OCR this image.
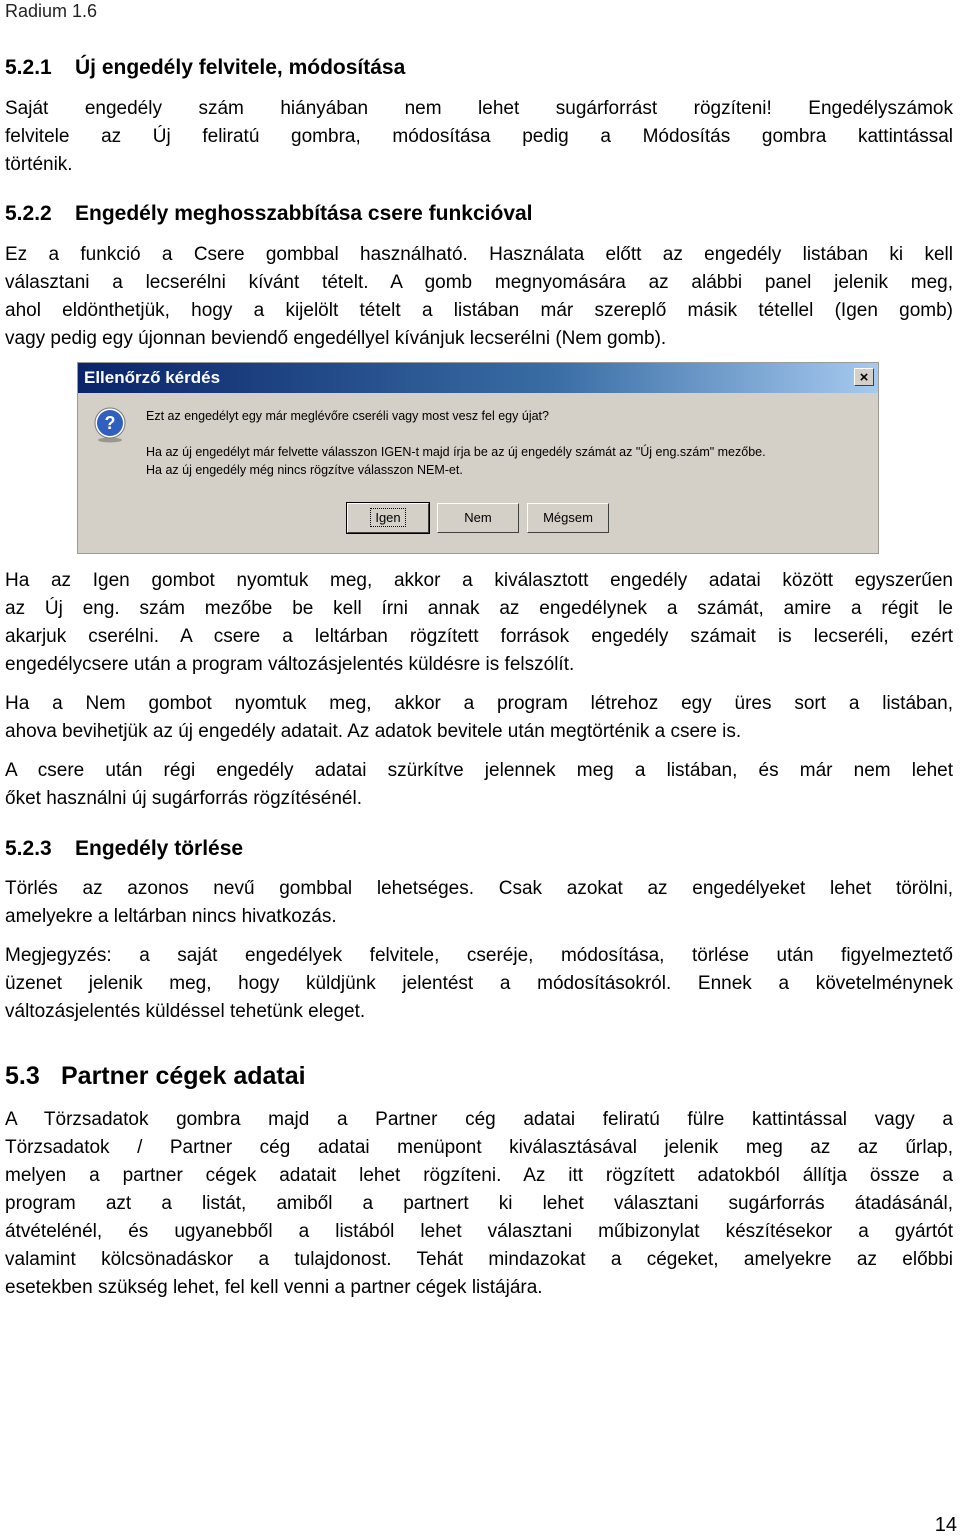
Radium 1.6
5.2.1 Új engedély felvitele, módosítása
Saját engedély szám hiányában nem lehet sugárforrást rögzíteni! Engedélyszámok
felvitele az Új feliratú gombra, módosítása pedig a Módosítás gombra kattintással
történik.
5.2.2 Engedély meghosszabbítása csere funkcióval
Ez a funkció a Csere gombbal használható. Használata előtt az engedély listában ki kell
választani a lecserélni kívánt tételt. A gomb megnyomására az alábbi panel jelenik meg,
ahol eldönthetjük, hogy a kijelölt tételt a listában már szereplő másik tétellel (Igen gomb)
vagy pedig egy újonnan beviendő engedéllyel kívánjuk lecserélni (Nem gomb).
Ellenőrző kérdés	×
? Ezt az engedélyt egy már meglévőre cseréli vagy most vesz fel egy újat?
Ha az új engedélyt már felvette válasszon IGEN-t majd írja be az új engedély számát az "Új eng.szám" mezőbe.
Ha az új engedély még nincs rögzítve válasszon NEM-et.
Igen	Nem	Mégsem
Ha az Igen gombot nyomtuk meg, akkor a kiválasztott engedély adatai között egyszerűen
az Új eng. szám mezőbe be kell írni annak az engedélynek a számát, amire a régit le
akarjuk cserélni. A csere a leltárban rögzített források engedély számait is lecseréli, ezért
engedélycsere után a program változásjelentés küldésre is felszólít.
Ha a Nem gombot nyomtuk meg, akkor a program létrehoz egy üres sort a listában,
ahova bevihetjük az új engedély adatait. Az adatok bevitele után megtörténik a csere is.
A csere után régi engedély adatai szürkítve jelennek meg a listában, és már nem lehet
őket használni új sugárforrás rögzítésénél.
5.2.3 Engedély törlése
Törlés az azonos nevű gombbal lehetséges. Csak azokat az engedélyeket lehet törölni,
amelyekre a leltárban nincs hivatkozás.
Megjegyzés: a saját engedélyek felvitele, cseréje, módosítása, törlése után figyelmeztető
üzenet jelenik meg, hogy küldjünk jelentést a módosításokról. Ennek a követelménynek
változásjelentés küldéssel tehetünk eleget.
5.3 Partner cégek adatai
A Törzsadatok gombra majd a Partner cég adatai feliratú fülre kattintással vagy a
Törzsadatok / Partner cég adatai menüpont kiválasztásával jelenik meg az az űrlap,
melyen a partner cégek adatait lehet rögzíteni. Az itt rögzített adatokból állítja össze a
program azt a listát, amiből a partnert ki lehet választani sugárforrás átadásánál,
átvételénél, és ugyanebből a listából lehet választani műbizonylat készítésekor a gyártót
valamint kölcsönadáskor a tulajdonost. Tehát mindazokat a cégeket, amelyekre az előbbi
esetekben szükség lehet, fel kell venni a partner cégek listájára.
14
